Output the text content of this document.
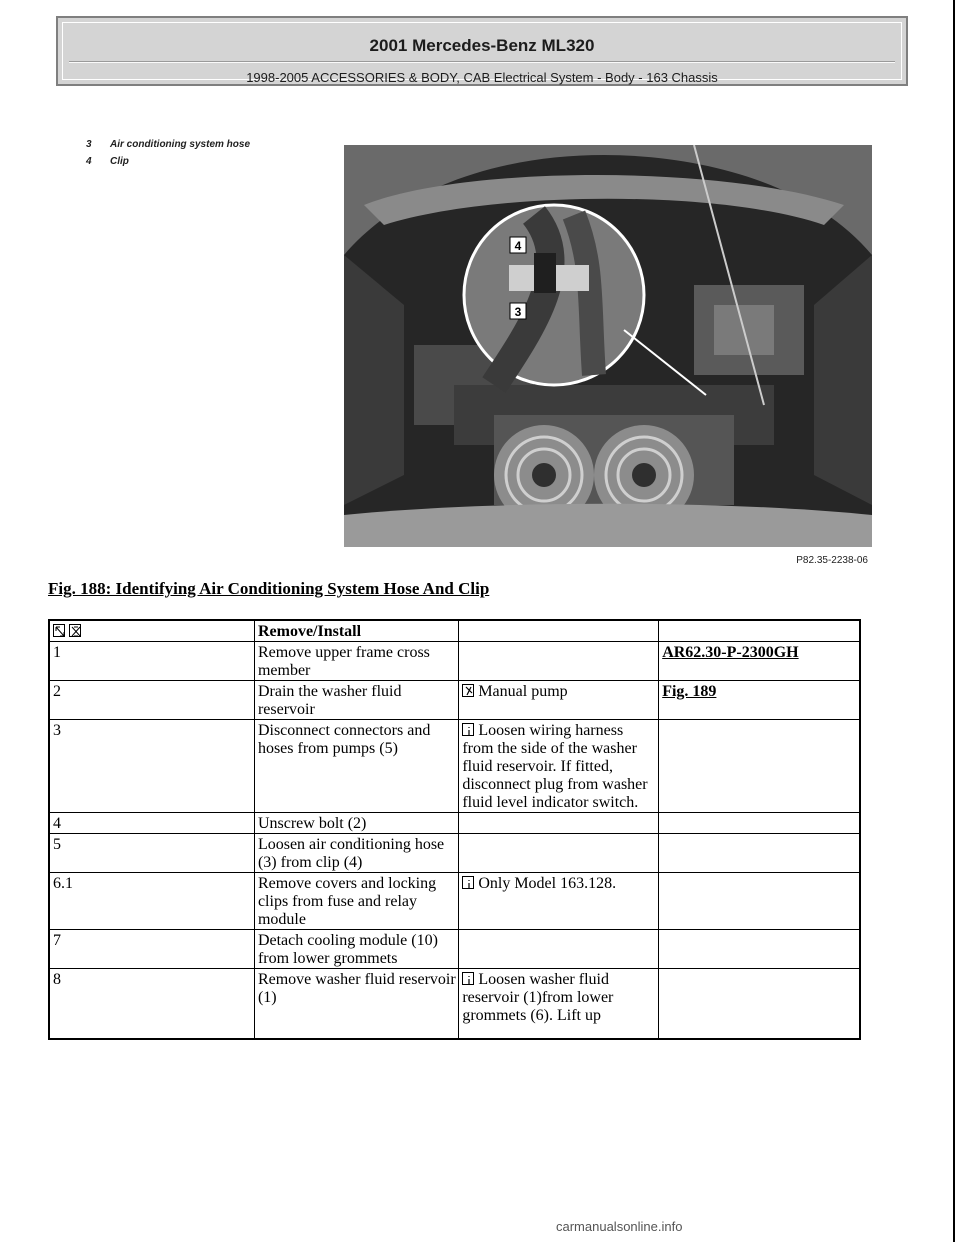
2001 Mercedes-Benz ML320
1998-2005 ACCESSORIES & BODY, CAB Electrical System - Body - 163 Chassis
3 Air conditioning system hose
4 Clip
4
3
P82.35-2238-06
Fig. 188: Identifying Air Conditioning System Hose And Clip
	Remove/Install		
1	Remove upper frame cross member		AR62.30-P-2300GH
2	Drain the washer fluid reservoir	Manual pump	Fig. 189
3	Disconnect connectors and hoses from pumps (5)	Loosen wiring harness from the side of the washer fluid reservoir. If fitted, disconnect plug from washer fluid level indicator switch.	
4	Unscrew bolt (2)		
5	Loosen air conditioning hose (3) from clip (4)		
6.1	Remove covers and locking clips from fuse and relay module	Only Model 163.128.	
7	Detach cooling module (10) from lower grommets		
8	Remove washer fluid reservoir (1)	Loosen washer fluid reservoir (1)from lower grommets (6). Lift up	
carmanualsonline.info
